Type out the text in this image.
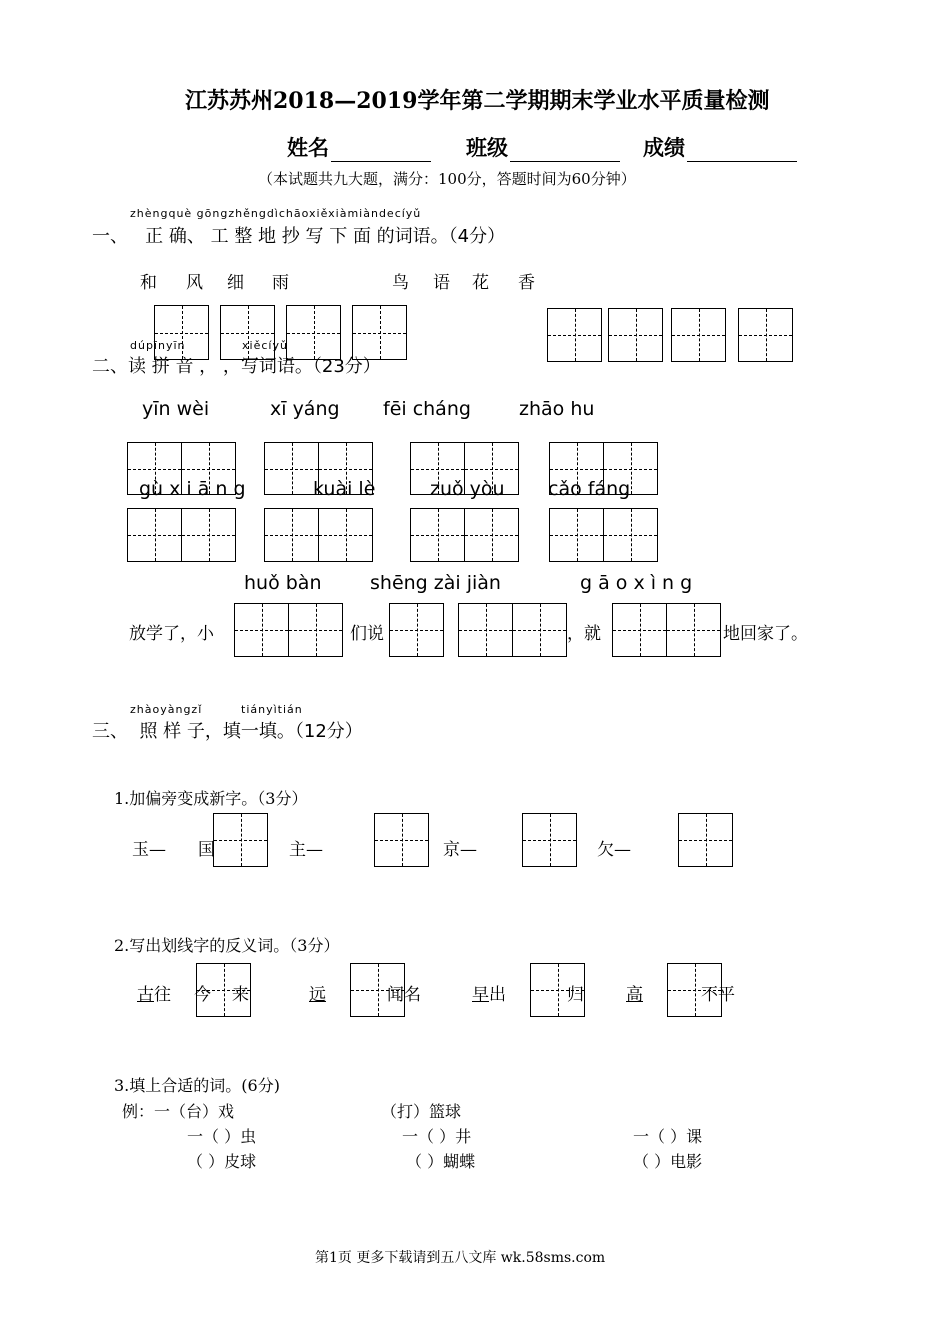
江苏苏州2018—2019学年第二学期期末学业水平质量检测
姓名	班级	成绩
（本试题共九大题，满分：100分，答题时间为60分钟）
zhèngquè gōngzhěngdìchāoxiěxiàmiàndecíyǔ
一、 正 确、 工 整 地 抄 写 下 面 的词语。（4分）
和 风 细 雨	鸟 语 花 香
dúpīnyīn	xiěcíyǔ
二、读 拼 音 ， ，写词语。（23分）
yīn wèi	xī yáng fēi cháng	zhāo hu
gù x i ā n g	kuài lè	zuǒ yòu cǎo fáng
huǒ bàn	shēng zài jiàn	g ā o x ì n g
放学了，小	们说	，就	地回家了。
zhàoyàngzǐ	tiányìtián
三、 照 样 子，填一填。（12分）
1.加偏旁变成新字。（3分）
玉— 国	主—	京—	欠—
2.写出划线字的反义词。（3分）
古往 今 来	远	闻名	早出	归 高	不平
3.填上合适的词。(6分)
例：一（台）戏	（打）篮球
一（ ）虫	一（ ）井	一（ ）课
（ ）皮球	（ ）蝴蝶	（ ）电影
第1页 更多下载请到五八文库 wk.58sms.com
